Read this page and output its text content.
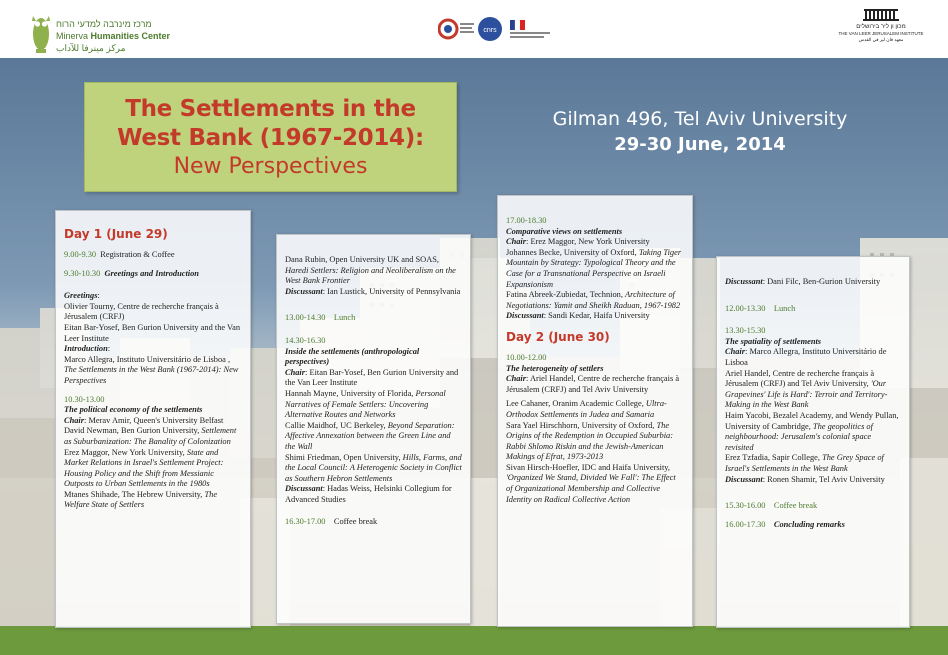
מרכז מינרבה למדעי הרוח
Minerva Humanities Center
مركز مينرفا للآداب
cnrs	מכון ון ליר בירושלים
THE VAN LEER JERUSALEM INSTITUTE
معهد فان لير في القدس
The Settlements in the
West Bank (1967-2014):
New Perspectives
Gilman 496, Tel Aviv University
29-30 June, 2014

Day 1 (June 29)

9.00-9.30 Registration & Coffee

9.30-10.30 Greetings and Introduction

Greetings:

Olivier Tourny, Centre de recherche français à Jérusalem (CRFJ)

Eitan Bar-Yosef, Ben Gurion University and the Van Leer Institute

Introduction:

Marco Allegra, Instituto Universitário de Lisboa , The Settlements in the West Bank (1967-2014): New Perspectives

10.30-13.00

The political economy of the settlements

Chair: Merav Amir, Queen's University Belfast

David Newman, Ben Gurion University, Settlement as Suburbanization: The Banality of Colonization

Erez Maggor, New York University, State and Market Relations in Israel's Settlement Project: Housing Policy and the Shift from Messianic Outposts to Urban Settlements in the 1980s

Mtanes Shihade, The Hebrew University, The Welfare State of Settlers

Dana Rubin, Open University UK and SOAS, Haredi Settlers: Religion and Neoliberalism on the West Bank Frontier

Discussant: Ian Lustick, University of Pennsylvania

13.00-14.30 Lunch

14.30-16.30

Inside the settlements (anthropological perspectives)

Chair: Eitan Bar-Yosef, Ben Gurion University and the Van Leer Institute

Hannah Mayne, University of Florida, Personal Narratives of Female Settlers: Uncovering Alternative Routes and Networks

Callie Maidhof, UC Berkeley, Beyond Separation: Affective Annexation between the Green Line and the Wall

Shimi Friedman, Open University, Hills, Farms, and the Local Council: A Heterogenic Society in Conflict as Southern Hebron Settlements

Discussant: Hadas Weiss, Helsinki Collegium for Advanced Studies

16.30-17.00 Coffee break

17.00-18.30

Comparative views on settlements

Chair: Erez Maggor, New York University

Johannes Becke, University of Oxford, Taking Tiger Mountain by Strategy: Typological Theory and the Case for a Transnational Perspective on Israeli Expansionism

Fatina Abreek-Zubiedat, Technion, Architecture of Negotiations: Yamit and Sheikh Raduan, 1967-1982

Discussant: Sandi Kedar, Haifa University

Day 2 (June 30)

10.00-12.00

The heterogeneity of settlers

Chair: Ariel Handel, Centre de recherche français à Jérusalem (CRFJ) and Tel Aviv University

Lee Cahaner, Oranim Academic College, Ultra-Orthodox Settlements in Judea and Samaria

Sara Yael Hirschhorn, University of Oxford, The Origins of the Redemption in Occupied Suburbia: Rabbi Shlomo Riskin and the Jewish-American Makings of Efrat, 1973-2013

Sivan Hirsch-Hoefler, IDC and Haifa University, 'Organized We Stand, Divided We Fall': The Effect of Organizational Membership and Collective Identity on Radical Collective Action

Discussant: Dani Filc, Ben-Gurion University

12.00-13.30 Lunch

13.30-15.30

The spatiality of settlements

Chair: Marco Allegra, Instituto Universitário de Lisboa

Ariel Handel, Centre de recherche français à Jérusalem (CRFJ) and Tel Aviv University, 'Our Grapevines' Life is Hard': Terroir and Territory-Making in the West Bank

Haim Yacobi, Bezalel Academy, and Wendy Pullan, University of Cambridge, The geopolitics of neighbourhood: Jerusalem's colonial space revisited

Erez Tzfadia, Sapir College, The Grey Space of Israel's Settlements in the West Bank

Discussant: Ronen Shamir, Tel Aviv University

15.30-16.00 Coffee break

16.00-17.30 Concluding remarks
